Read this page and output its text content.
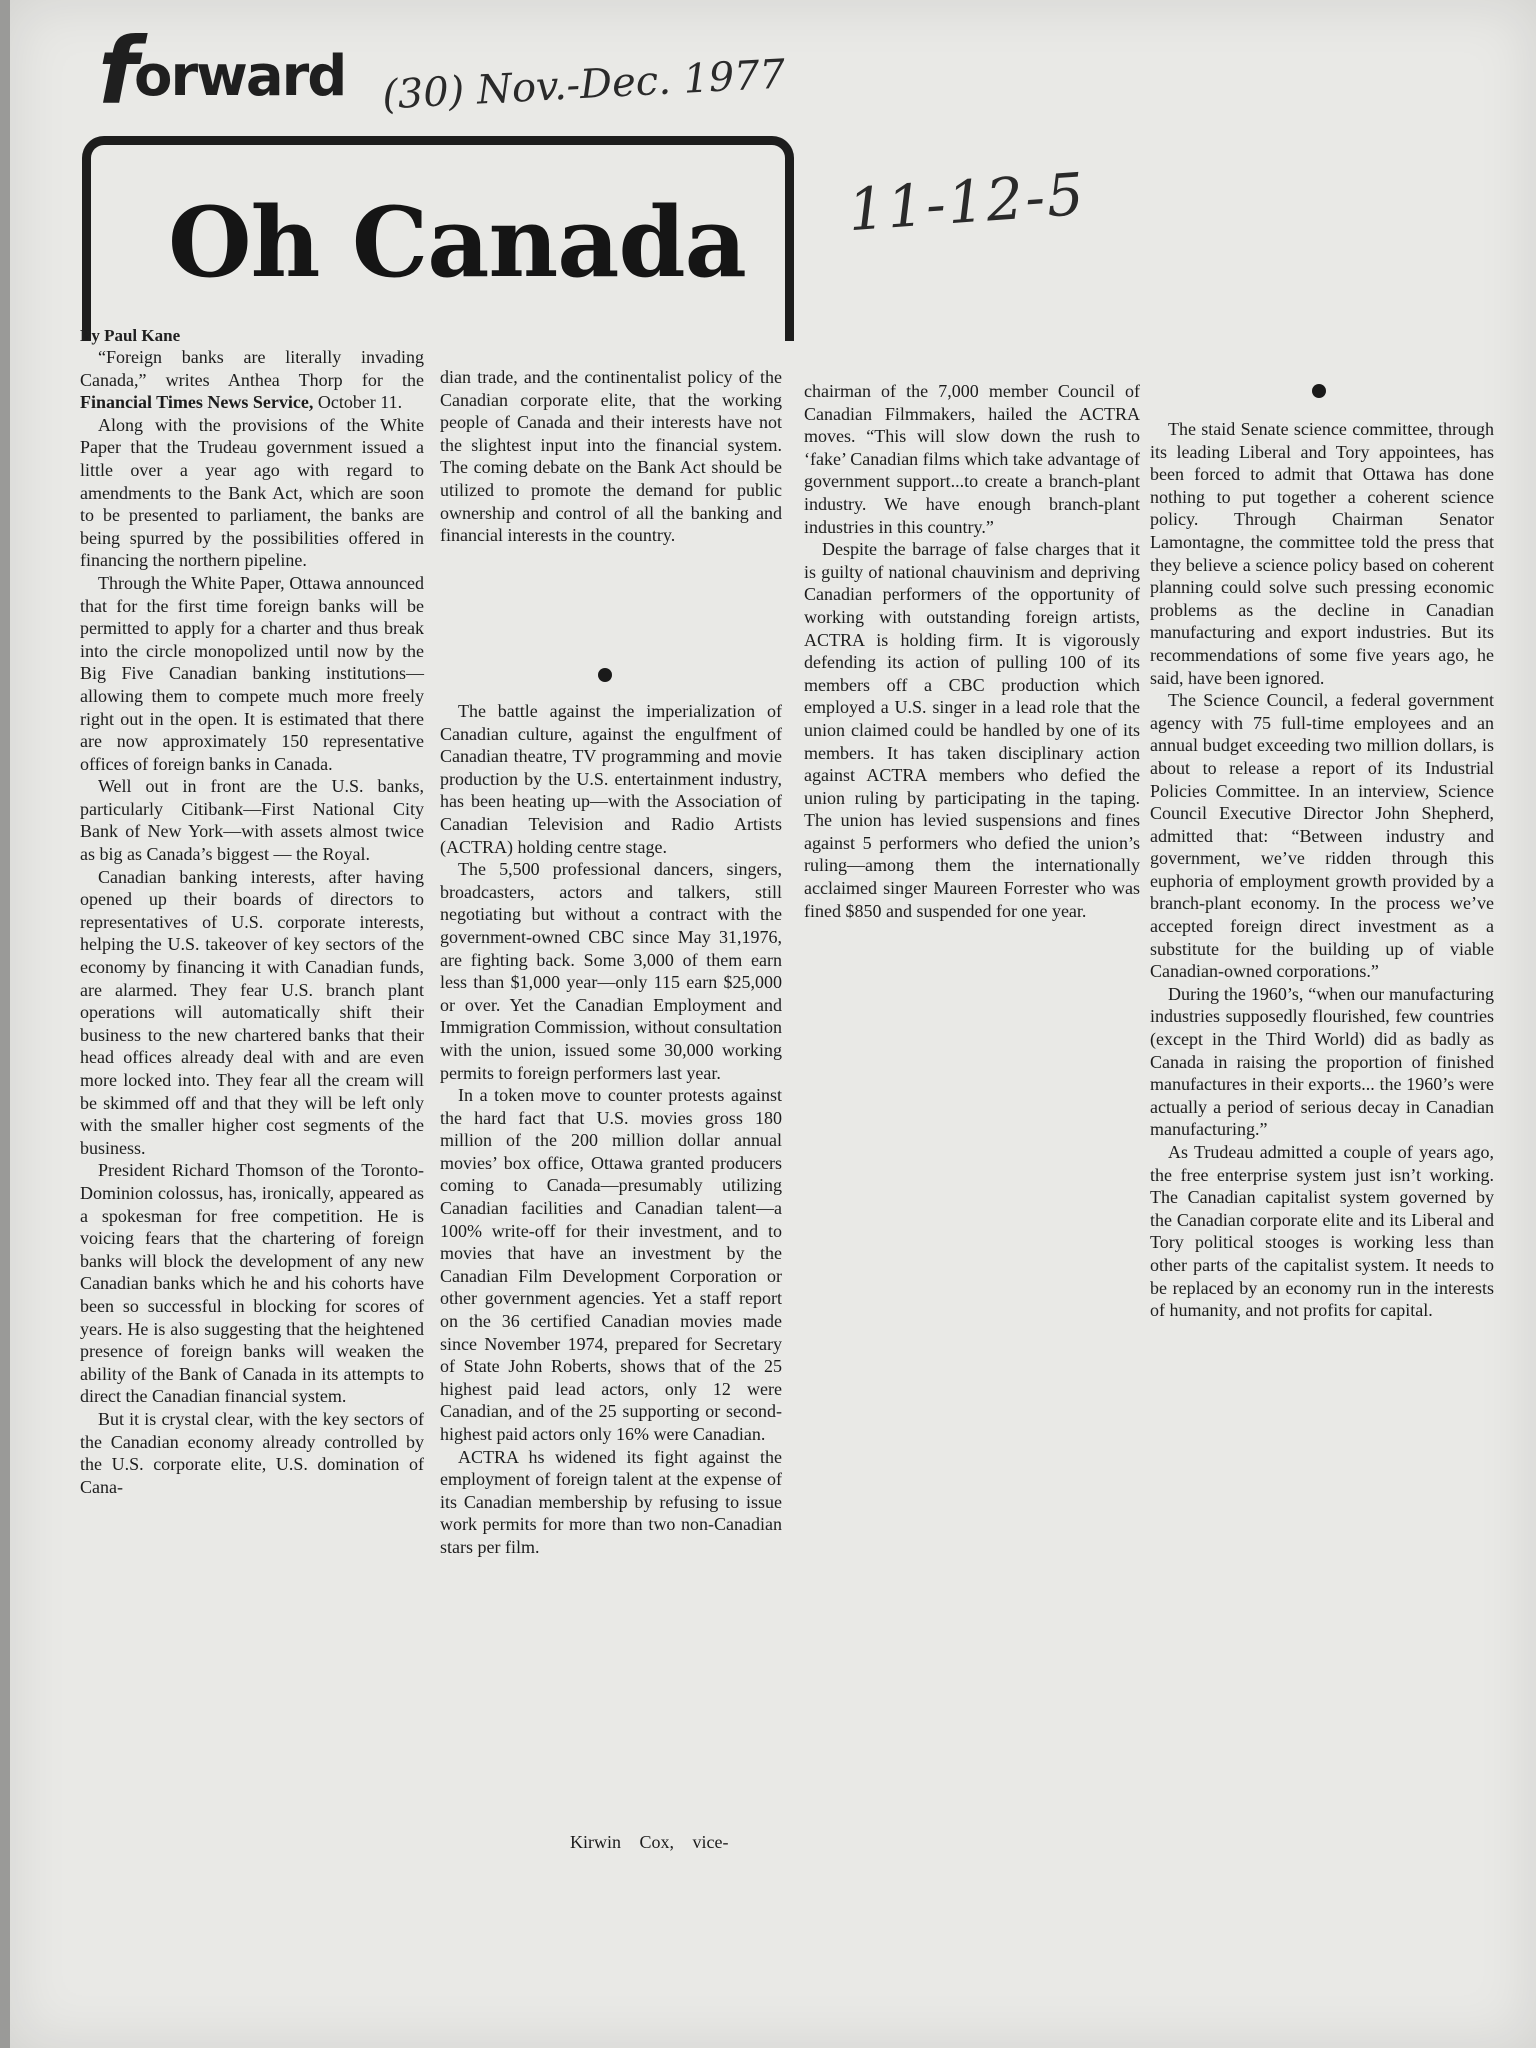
forward (30) Nov.-Dec. 1977
11-12-5
Oh Canada
By Paul Kane

“Foreign banks are literally invading Canada,” writes Anthea Thorp for the Financial Times News Service, October 11.

Along with the provisions of the White Paper that the Trudeau government issued a little over a year ago with regard to amendments to the Bank Act, which are soon to be presented to parliament, the banks are being spurred by the possibilities offered in financing the northern pipeline.

Through the White Paper, Ottawa announced that for the first time foreign banks will be permitted to apply for a charter and thus break into the circle monopolized until now by the Big Five Canadian banking institutions—allowing them to compete much more freely right out in the open. It is estimated that there are now approximately 150 representative offices of foreign banks in Canada.

Well out in front are the U.S. banks, particularly Citibank—First National City Bank of New York—with assets almost twice as big as Canada’s biggest — the Royal.

Canadian banking interests, after having opened up their boards of directors to representatives of U.S. corporate interests, helping the U.S. takeover of key sectors of the economy by financing it with Canadian funds, are alarmed. They fear U.S. branch plant operations will automatically shift their business to the new chartered banks that their head offices already deal with and are even more locked into. They fear all the cream will be skimmed off and that they will be left only with the smaller higher cost segments of the business.

President Richard Thomson of the Toronto-Dominion colossus, has, ironically, appeared as a spokesman for free competition. He is voicing fears that the chartering of foreign banks will block the development of any new Canadian banks which he and his cohorts have been so successful in blocking for scores of years. He is also suggesting that the heightened presence of foreign banks will weaken the ability of the Bank of Canada in its attempts to direct the Canadian financial system.

But it is crystal clear, with the key sectors of the Canadian economy already controlled by the U.S. corporate elite, U.S. domination of Cana-

dian trade, and the continentalist policy of the Canadian corporate elite, that the working people of Canada and their interests have not the slightest input into the financial system. The coming debate on the Bank Act should be utilized to promote the demand for public ownership and control of all the banking and financial interests in the country.

The battle against the imperialization of Canadian culture, against the engulfment of Canadian theatre, TV programming and movie production by the U.S. entertainment industry, has been heating up—with the Association of Canadian Television and Radio Artists (ACTRA) holding centre stage.

The 5,500 professional dancers, singers, broadcasters, actors and talkers, still negotiating but without a contract with the government-owned CBC since May 31,1976, are fighting back. Some 3,000 of them earn less than $1,000 year—only 115 earn $25,000 or over. Yet the Canadian Employment and Immigration Commission, without consultation with the union, issued some 30,000 working permits to foreign performers last year.

In a token move to counter protests against the hard fact that U.S. movies gross 180 million of the 200 million dollar annual movies’ box office, Ottawa granted producers coming to Canada—presumably utilizing Canadian facilities and Canadian talent—a 100% write-off for their investment, and to movies that have an investment by the Canadian Film Development Corporation or other government agencies. Yet a staff report on the 36 certified Canadian movies made since November 1974, prepared for Secretary of State John Roberts, shows that of the 25 highest paid lead actors, only 12 were Canadian, and of the 25 supporting or second-highest paid actors only 16% were Canadian.

ACTRA hs widened its fight against the employment of foreign talent at the expense of its Canadian membership by refusing to issue work permits for more than two non-Canadian stars per film.

Kirwin Cox, vice-

chairman of the 7,000 member Council of Canadian Filmmakers, hailed the ACTRA moves. “This will slow down the rush to ‘fake’ Canadian films which take advantage of government support...to create a branch-plant industry. We have enough branch-plant industries in this country.”

Despite the barrage of false charges that it is guilty of national chauvinism and depriving Canadian performers of the opportunity of working with outstanding foreign artists, ACTRA is holding firm. It is vigorously defending its action of pulling 100 of its members off a CBC production which employed a U.S. singer in a lead role that the union claimed could be handled by one of its members. It has taken disciplinary action against ACTRA members who defied the union ruling by participating in the taping. The union has levied suspensions and fines against 5 performers who defied the union’s ruling—among them the internationally acclaimed singer Maureen Forrester who was fined $850 and suspended for one year.

The staid Senate science committee, through its leading Liberal and Tory appointees, has been forced to admit that Ottawa has done nothing to put together a coherent science policy. Through Chairman Senator Lamontagne, the committee told the press that they believe a science policy based on coherent planning could solve such pressing economic problems as the decline in Canadian manufacturing and export industries. But its recommendations of some five years ago, he said, have been ignored.

The Science Council, a federal government agency with 75 full-time employees and an annual budget exceeding two million dollars, is about to release a report of its Industrial Policies Committee. In an interview, Science Council Executive Director John Shepherd, admitted that: “Between industry and government, we’ve ridden through this euphoria of employment growth provided by a branch-plant economy. In the process we’ve accepted foreign direct investment as a substitute for the building up of viable Canadian-owned corporations.”

During the 1960’s, “when our manufacturing industries supposedly flourished, few countries (except in the Third World) did as badly as Canada in raising the proportion of finished manufactures in their exports... the 1960’s were actually a period of serious decay in Canadian manufacturing.”

As Trudeau admitted a couple of years ago, the free enterprise system just isn’t working. The Canadian capitalist system governed by the Canadian corporate elite and its Liberal and Tory political stooges is working less than other parts of the capitalist system. It needs to be replaced by an economy run in the interests of humanity, and not profits for capital.
